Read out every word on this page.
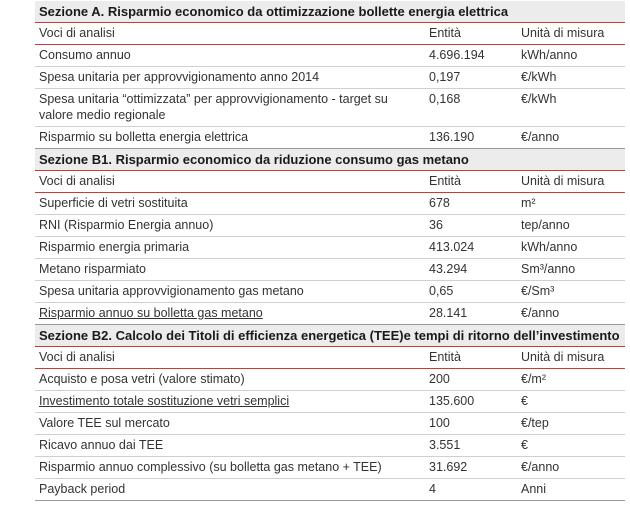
Sezione A. Risparmio economico da ottimizzazione bollette energia elettrica		
Voci di analisi	Entità	Unità di misura
Consumo annuo	4.696.194	kWh/anno
Spesa unitaria per approvvigionamento anno 2014	0,197	€/kWh
Spesa unitaria “ottimizzata” per approvvigionamento - target su valore medio regionale	0,168	€/kWh
Risparmio su bolletta energia elettrica	136.190	€/anno
Sezione B1. Risparmio economico da riduzione consumo gas metano		
Voci di analisi	Entità	Unità di misura
Superficie di vetri sostituita	678	m²
RNI (Risparmio Energia annuo)	36	tep/anno
Risparmio energia primaria	413.024	kWh/anno
Metano risparmiato	43.294	Sm³/anno
Spesa unitaria approvvigionamento gas metano	0,65	€/Sm³
Risparmio annuo su bolletta gas metano	28.141	€/anno
Sezione B2. Calcolo dei Titoli di efficienza energetica (TEE)e tempi di ritorno dell’investimento		
Voci di analisi	Entità	Unità di misura
Acquisto e posa vetri (valore stimato)	200	€/m²
Investimento totale sostituzione vetri semplici	135.600	€
Valore TEE sul mercato	100	€/tep
Ricavo annuo dai TEE	3.551	€
Risparmio annuo complessivo (su bolletta gas metano + TEE)	31.692	€/anno
Payback period	4	Anni
